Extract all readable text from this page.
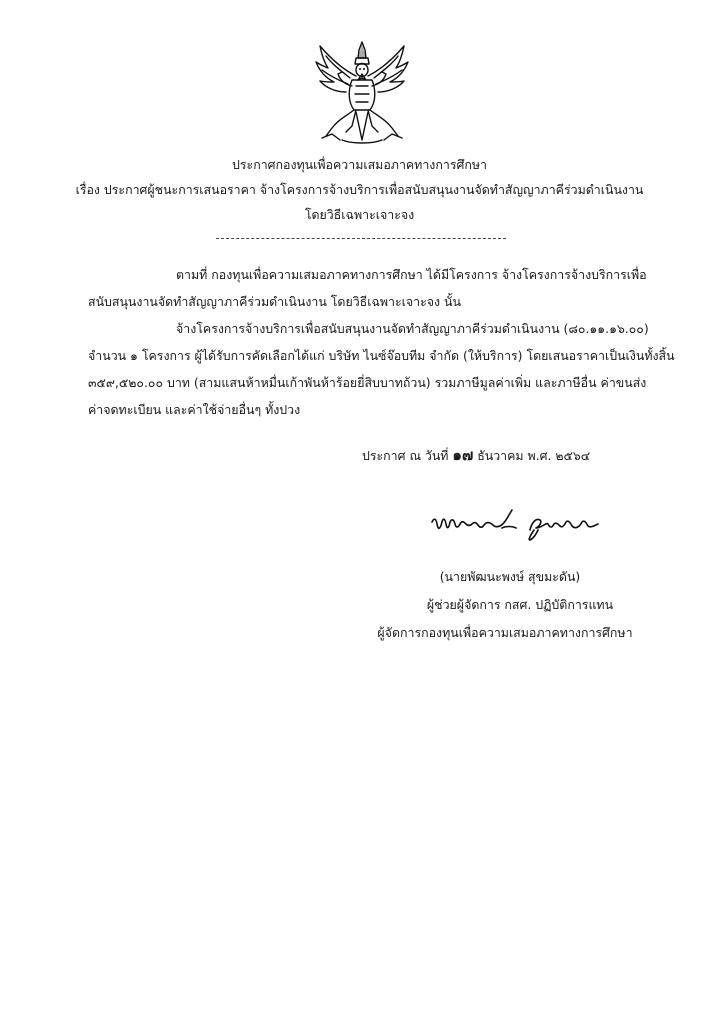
ประกาศกองทุนเพื่อความเสมอภาคทางการศึกษา
เรื่อง ประกาศผู้ชนะการเสนอราคา จ้างโครงการจ้างบริการเพื่อสนับสนุนงานจัดทำสัญญาภาคีร่วมดำเนินงาน
โดยวิธีเฉพาะเจาะจง
ตามที่ กองทุนเพื่อความเสมอภาคทางการศึกษา ได้มีโครงการ จ้างโครงการจ้างบริการเพื่อ
สนับสนุนงานจัดทำสัญญาภาคีร่วมดำเนินงาน โดยวิธีเฉพาะเจาะจง นั้น
จ้างโครงการจ้างบริการเพื่อสนับสนุนงานจัดทำสัญญาภาคีร่วมดำเนินงาน (๘๐.๑๑.๑๖.๐๐)
จำนวน ๑ โครงการ ผู้ได้รับการคัดเลือกได้แก่ บริษัท ไนซ์จ๊อบทีม จำกัด (ให้บริการ) โดยเสนอราคาเป็นเงินทั้งสิ้น
๓๕๙,๕๒๐.๐๐ บาท (สามแสนห้าหมื่นเก้าพันห้าร้อยยี่สิบบาทถ้วน) รวมภาษีมูลค่าเพิ่ม และภาษีอื่น ค่าขนส่ง
ค่าจดทะเบียน และค่าใช้จ่ายอื่นๆ ทั้งปวง
ประกาศ ณ วันที่ ๑๗ ธันวาคม พ.ศ. ๒๕๖๔
(นายพัฒนะพงษ์ สุขมะดัน)
ผู้ช่วยผู้จัดการ กสศ. ปฏิบัติการแทน
ผู้จัดการกองทุนเพื่อความเสมอภาคทางการศึกษา
